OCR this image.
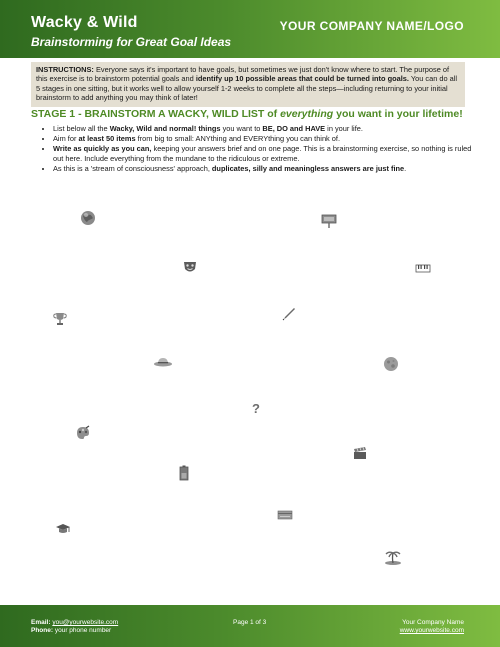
Wacky & Wild
Brainstorming for Great Goal Ideas
YOUR COMPANY NAME/LOGO
INSTRUCTIONS: Everyone says it's important to have goals, but sometimes we just don't know where to start. The purpose of this exercise is to brainstorm potential goals and identify up 10 possible areas that could be turned into goals. You can do all 5 stages in one sitting, but it works well to allow yourself 1-2 weeks to complete all the steps—including returning to your initial brainstorm to add anything you may think of later!
STAGE 1 - BRAINSTORM A WACKY, WILD LIST of everything you want in your lifetime!
• List below all the Wacky, Wild and normal! things you want to BE, DO and HAVE in your life.
• Aim for at least 50 items from big to small: ANYthing and EVERYthing you can think of.
• Write as quickly as you can, keeping your answers brief and on one page. This is a brainstorming exercise, so nothing is ruled out here. Include everything from the mundane to the ridiculous or extreme.
• As this is a 'stream of consciousness' approach, duplicates, silly and meaningless answers are just fine.
?
Email: you@yourwebsite.com
Phone: your phone number
Page 1 of 3	Your Company Name
www.yourwebsite.com
